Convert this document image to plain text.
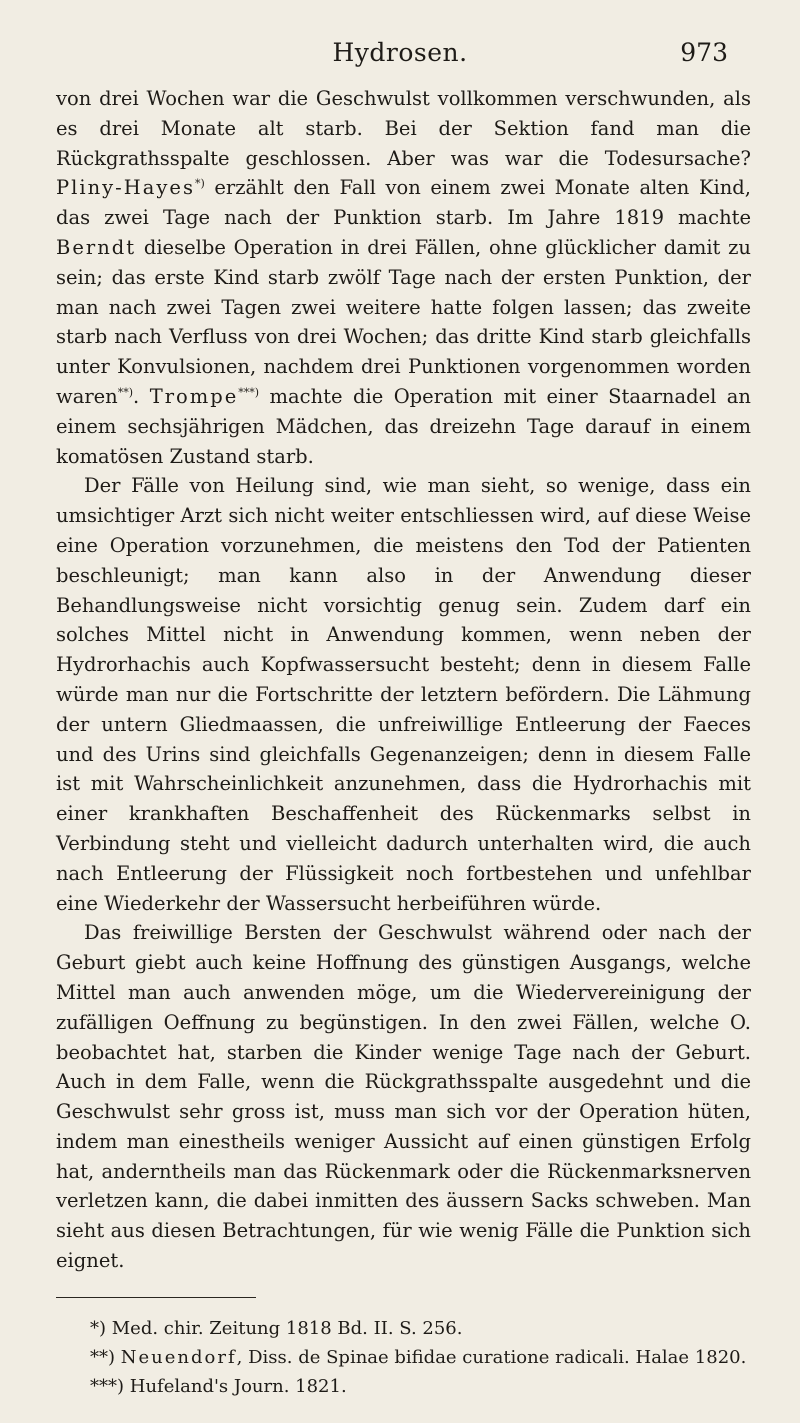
Hydrosen.	973

von drei Wochen war die Geschwulst vollkommen verschwunden, als es drei Monate alt starb. Bei der Sektion fand man die Rückgrathsspalte geschlossen. Aber was war die Todesursache? Pliny-Hayes*) erzählt den Fall von einem zwei Monate alten Kind, das zwei Tage nach der Punktion starb. Im Jahre 1819 machte Berndt dieselbe Operation in drei Fällen, ohne glücklicher damit zu sein; das erste Kind starb zwölf Tage nach der ersten Punktion, der man nach zwei Tagen zwei weitere hatte folgen lassen; das zweite starb nach Verfluss von drei Wochen; das dritte Kind starb gleichfalls unter Konvulsionen, nachdem drei Punktionen vorgenommen worden waren**). Trompe***) machte die Operation mit einer Staarnadel an einem sechsjährigen Mädchen, das dreizehn Tage darauf in einem komatösen Zustand starb.

Der Fälle von Heilung sind, wie man sieht, so wenige, dass ein umsichtiger Arzt sich nicht weiter entschliessen wird, auf diese Weise eine Operation vorzunehmen, die meistens den Tod der Patienten beschleunigt; man kann also in der Anwendung dieser Behandlungsweise nicht vorsichtig genug sein. Zudem darf ein solches Mittel nicht in Anwendung kommen, wenn neben der Hydrorhachis auch Kopfwassersucht besteht; denn in diesem Falle würde man nur die Fortschritte der letztern befördern. Die Lähmung der untern Gliedmaassen, die unfreiwillige Entleerung der Faeces und des Urins sind gleichfalls Gegenanzeigen; denn in diesem Falle ist mit Wahrscheinlichkeit anzunehmen, dass die Hydrorhachis mit einer krankhaften Beschaffenheit des Rückenmarks selbst in Verbindung steht und vielleicht dadurch unterhalten wird, die auch nach Entleerung der Flüssigkeit noch fortbestehen und unfehlbar eine Wiederkehr der Wassersucht herbeiführen würde.

Das freiwillige Bersten der Geschwulst während oder nach der Geburt giebt auch keine Hoffnung des günstigen Ausgangs, welche Mittel man auch anwenden möge, um die Wiedervereinigung der zufälligen Oeffnung zu begünstigen. In den zwei Fällen, welche O. beobachtet hat, starben die Kinder wenige Tage nach der Geburt. Auch in dem Falle, wenn die Rückgrathsspalte ausgedehnt und die Geschwulst sehr gross ist, muss man sich vor der Operation hüten, indem man einestheils weniger Aussicht auf einen günstigen Erfolg hat, anderntheils man das Rückenmark oder die Rückenmarksnerven verletzen kann, die dabei inmitten des äussern Sacks schweben. Man sieht aus diesen Betrachtungen, für wie wenig Fälle die Punktion sich eignet.

*) Med. chir. Zeitung 1818 Bd. II. S. 256.
**) Neuendorf, Diss. de Spinae bifidae curatione radicali. Halae 1820.
***) Hufeland's Journ. 1821.
